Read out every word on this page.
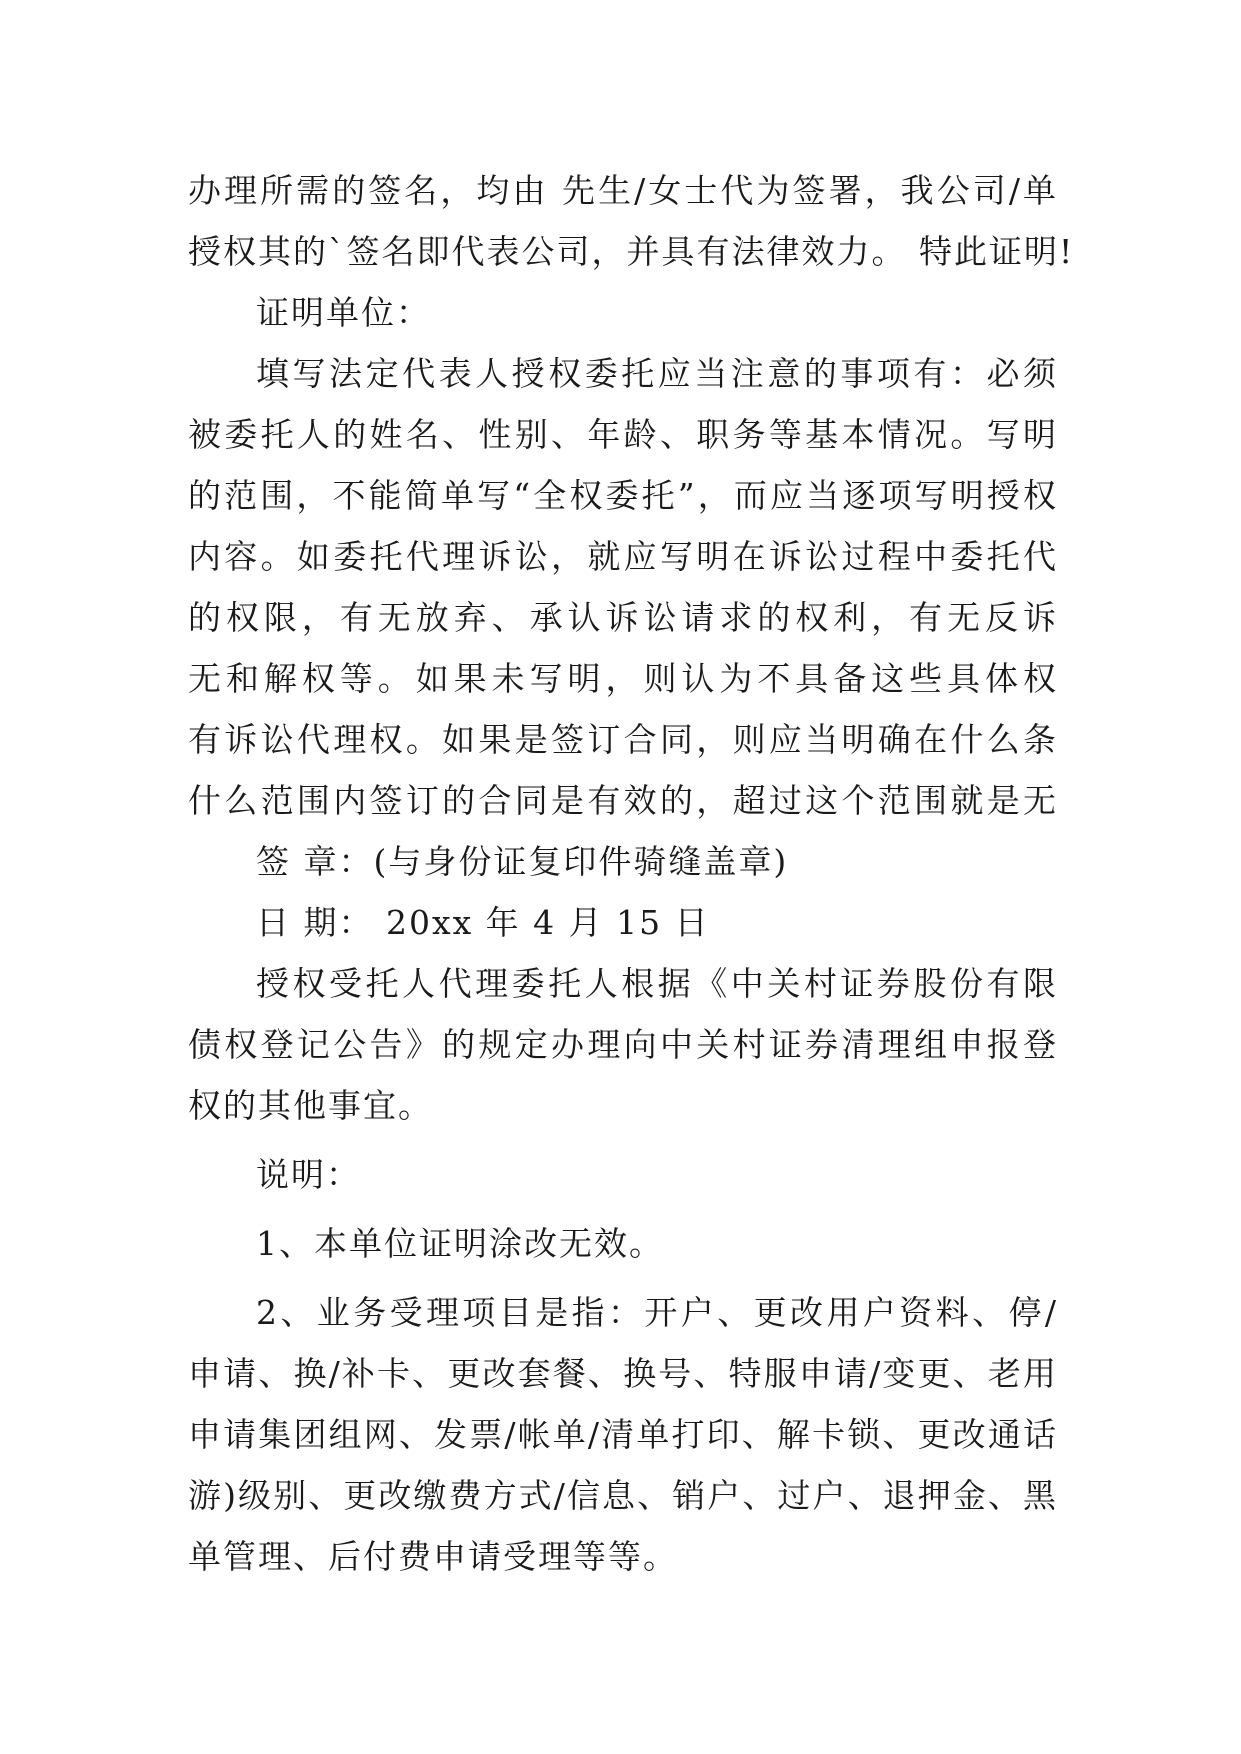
办理所需的签名，均由 先生/女士代为签署，我公司/单
授权其的`签名即代表公司，并具有法律效力。 特此证明!
证明单位：
填写法定代表人授权委托应当注意的事项有：必须
被委托人的姓名、性别、年龄、职务等基本情况。写明
的范围，不能简单写“全权委托”，而应当逐项写明授权
内容。如委托代理诉讼，就应写明在诉讼过程中委托代
的权限，有无放弃、承认诉讼请求的权利，有无反诉
无和解权等。如果未写明，则认为不具备这些具体权
有诉讼代理权。如果是签订合同，则应当明确在什么条
什么范围内签订的合同是有效的，超过这个范围就是无
签 章：(与身份证复印件骑缝盖章)
日 期： 20xx 年 4 月 15 日
授权受托人代理委托人根据《中关村证券股份有限
债权登记公告》的规定办理向中关村证券清理组申报登
权的其他事宜。
说明：
1、本单位证明涂改无效。
2、业务受理项目是指：开户、更改用户资料、停/
申请、换/补卡、更改套餐、换号、特服申请/变更、老用
申请集团组网、发票/帐单/清单打印、解卡锁、更改通话
游)级别、更改缴费方式/信息、销户、过户、退押金、黑
单管理、后付费申请受理等等。
